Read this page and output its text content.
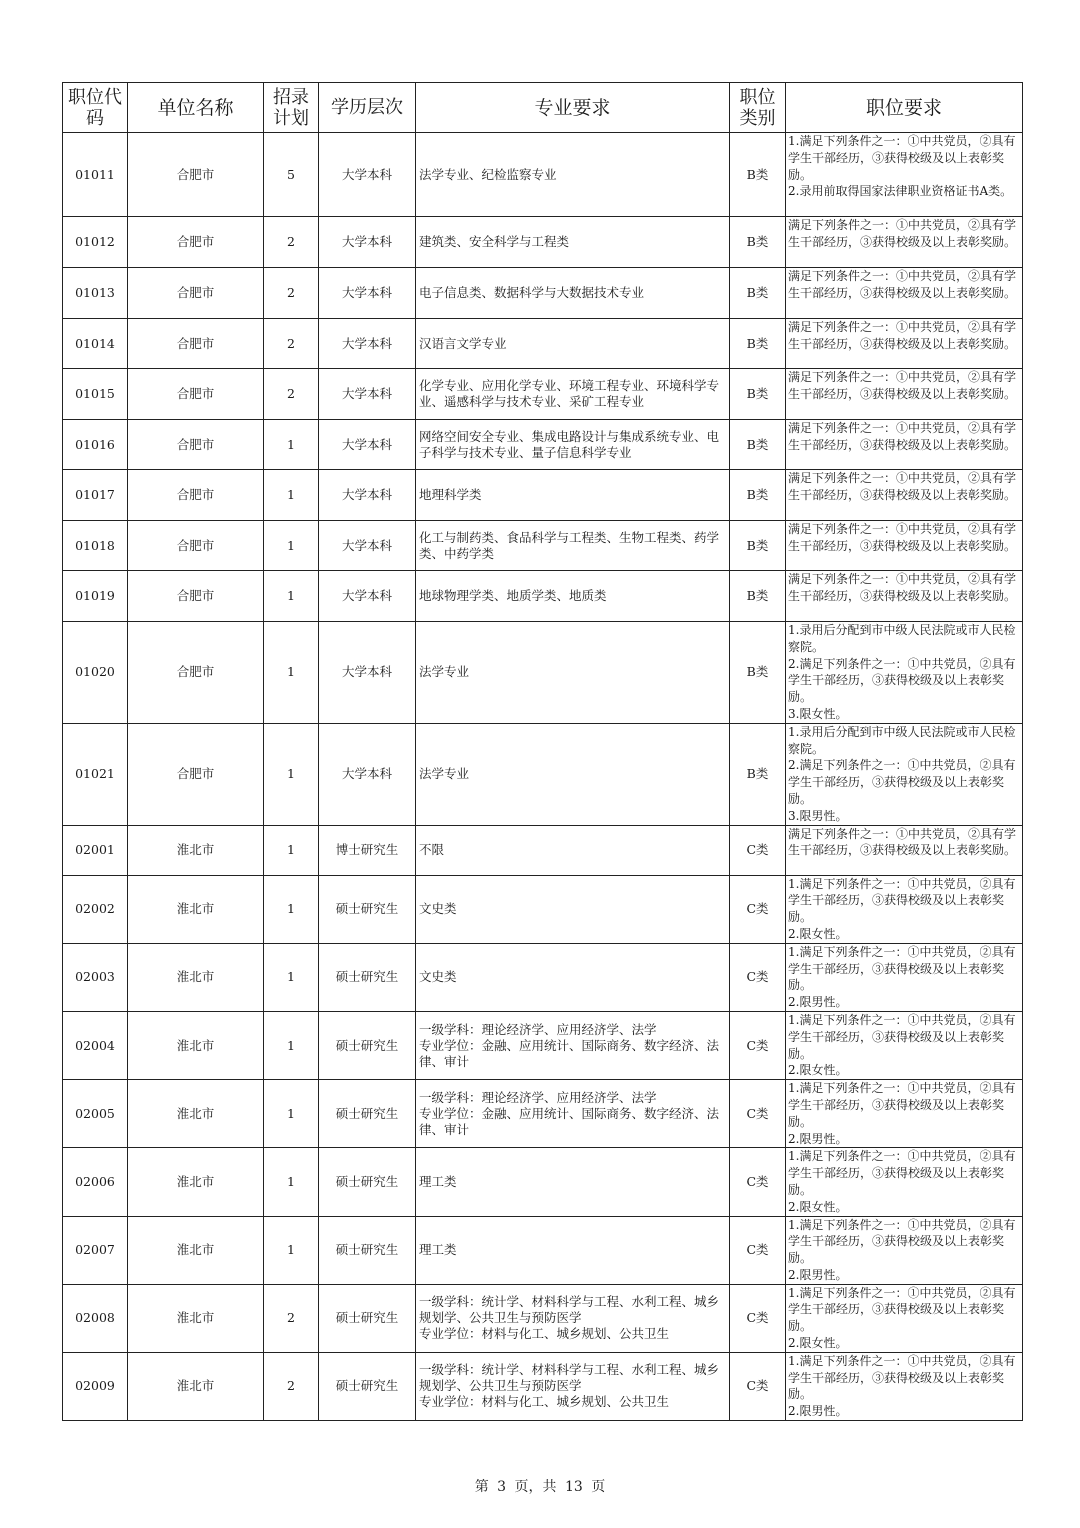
职位代码	单位名称	招录计划	学历层次	专业要求	职位类别	职位要求

01011	合肥市	5	大学本科	法学专业、纪检监察专业	B类	1.满足下列条件之一：①中共党员，②具有学生干部经历，③获得校级及以上表彰奖励。
2.录用前取得国家法律职业资格证书A类。

01012	合肥市	2	大学本科	建筑类、安全科学与工程类	B类	满足下列条件之一：①中共党员，②具有学生干部经历，③获得校级及以上表彰奖励。

01013	合肥市	2	大学本科	电子信息类、数据科学与大数据技术专业	B类	满足下列条件之一：①中共党员，②具有学生干部经历，③获得校级及以上表彰奖励。

01014	合肥市	2	大学本科	汉语言文学专业	B类	满足下列条件之一：①中共党员，②具有学生干部经历，③获得校级及以上表彰奖励。

01015	合肥市	2	大学本科	化学专业、应用化学专业、环境工程专业、环境科学专业、遥感科学与技术专业、采矿工程专业	B类	满足下列条件之一：①中共党员，②具有学生干部经历，③获得校级及以上表彰奖励。

01016	合肥市	1	大学本科	网络空间安全专业、集成电路设计与集成系统专业、电子科学与技术专业、量子信息科学专业	B类	满足下列条件之一：①中共党员，②具有学生干部经历，③获得校级及以上表彰奖励。

01017	合肥市	1	大学本科	地理科学类	B类	满足下列条件之一：①中共党员，②具有学生干部经历，③获得校级及以上表彰奖励。

01018	合肥市	1	大学本科	化工与制药类、食品科学与工程类、生物工程类、药学类、中药学类	B类	满足下列条件之一：①中共党员，②具有学生干部经历，③获得校级及以上表彰奖励。

01019	合肥市	1	大学本科	地球物理学类、地质学类、地质类	B类	满足下列条件之一：①中共党员，②具有学生干部经历，③获得校级及以上表彰奖励。

01020	合肥市	1	大学本科	法学专业	B类	1.录用后分配到市中级人民法院或市人民检察院。
2.满足下列条件之一：①中共党员，②具有学生干部经历，③获得校级及以上表彰奖励。
3.限女性。

01021	合肥市	1	大学本科	法学专业	B类	1.录用后分配到市中级人民法院或市人民检察院。
2.满足下列条件之一：①中共党员，②具有学生干部经历，③获得校级及以上表彰奖励。
3.限男性。

02001	淮北市	1	博士研究生	不限	C类	满足下列条件之一：①中共党员，②具有学生干部经历，③获得校级及以上表彰奖励。

02002	淮北市	1	硕士研究生	文史类	C类	1.满足下列条件之一：①中共党员，②具有学生干部经历，③获得校级及以上表彰奖励。
2.限女性。

02003	淮北市	1	硕士研究生	文史类	C类	1.满足下列条件之一：①中共党员，②具有学生干部经历，③获得校级及以上表彰奖励。
2.限男性。

02004	淮北市	1	硕士研究生	一级学科：理论经济学、应用经济学、法学
专业学位：金融、应用统计、国际商务、数字经济、法律、审计	C类	1.满足下列条件之一：①中共党员，②具有学生干部经历，③获得校级及以上表彰奖励。
2.限女性。

02005	淮北市	1	硕士研究生	一级学科：理论经济学、应用经济学、法学
专业学位：金融、应用统计、国际商务、数字经济、法律、审计	C类	1.满足下列条件之一：①中共党员，②具有学生干部经历，③获得校级及以上表彰奖励。
2.限男性。

02006	淮北市	1	硕士研究生	理工类	C类	1.满足下列条件之一：①中共党员，②具有学生干部经历，③获得校级及以上表彰奖励。
2.限女性。

02007	淮北市	1	硕士研究生	理工类	C类	1.满足下列条件之一：①中共党员，②具有学生干部经历，③获得校级及以上表彰奖励。
2.限男性。

02008	淮北市	2	硕士研究生	一级学科：统计学、材料科学与工程、水利工程、城乡规划学、公共卫生与预防医学
专业学位：材料与化工、城乡规划、公共卫生	C类	1.满足下列条件之一：①中共党员，②具有学生干部经历，③获得校级及以上表彰奖励。
2.限女性。

02009	淮北市	2	硕士研究生	一级学科：统计学、材料科学与工程、水利工程、城乡规划学、公共卫生与预防医学
专业学位：材料与化工、城乡规划、公共卫生	C类	1.满足下列条件之一：①中共党员，②具有学生干部经历，③获得校级及以上表彰奖励。
2.限男性。
第 3 页，共 13 页
